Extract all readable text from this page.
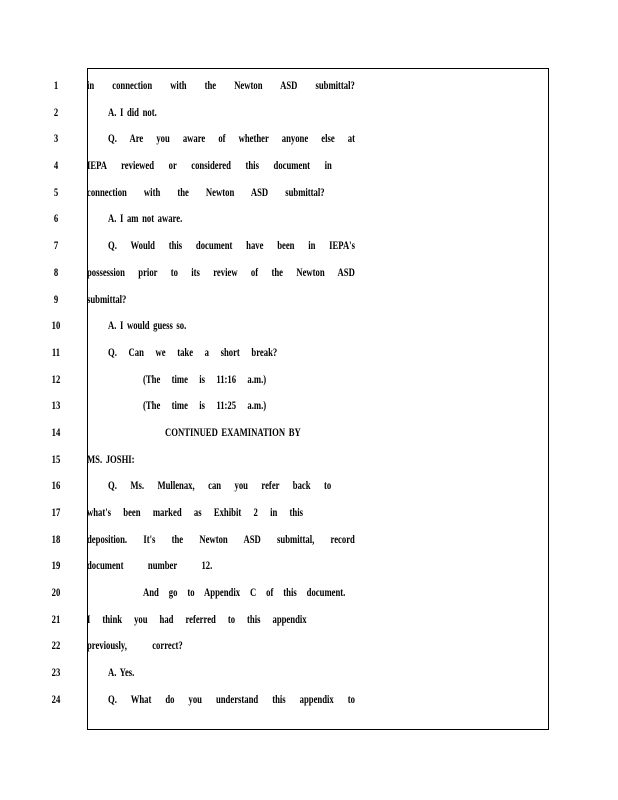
1	in connection with the Newton ASD submittal?
2	A. I did not.
3	Q. Are you aware of whether anyone else at
4	IEPA reviewed or considered this document in
5	connection with the Newton ASD submittal?
6	A. I am not aware.
7	Q. Would this document have been in IEPA's
8	possession prior to its review of the Newton ASD
9	submittal?
10	A. I would guess so.
11	Q. Can we take a short break?
12	(The time is 11:16 a.m.)
13	(The time is 11:25 a.m.)
14	CONTINUED EXAMINATION BY
15	MS. JOSHI:
16	Q. Ms. Mullenax, can you refer back to
17	what's been marked as Exhibit 2 in this
18	deposition. It's the Newton ASD submittal, record
19	document number 12.
20	And go to Appendix C of this document.
21	I think you had referred to this appendix
22	previously, correct?
23	A. Yes.
24	Q. What do you understand this appendix to
